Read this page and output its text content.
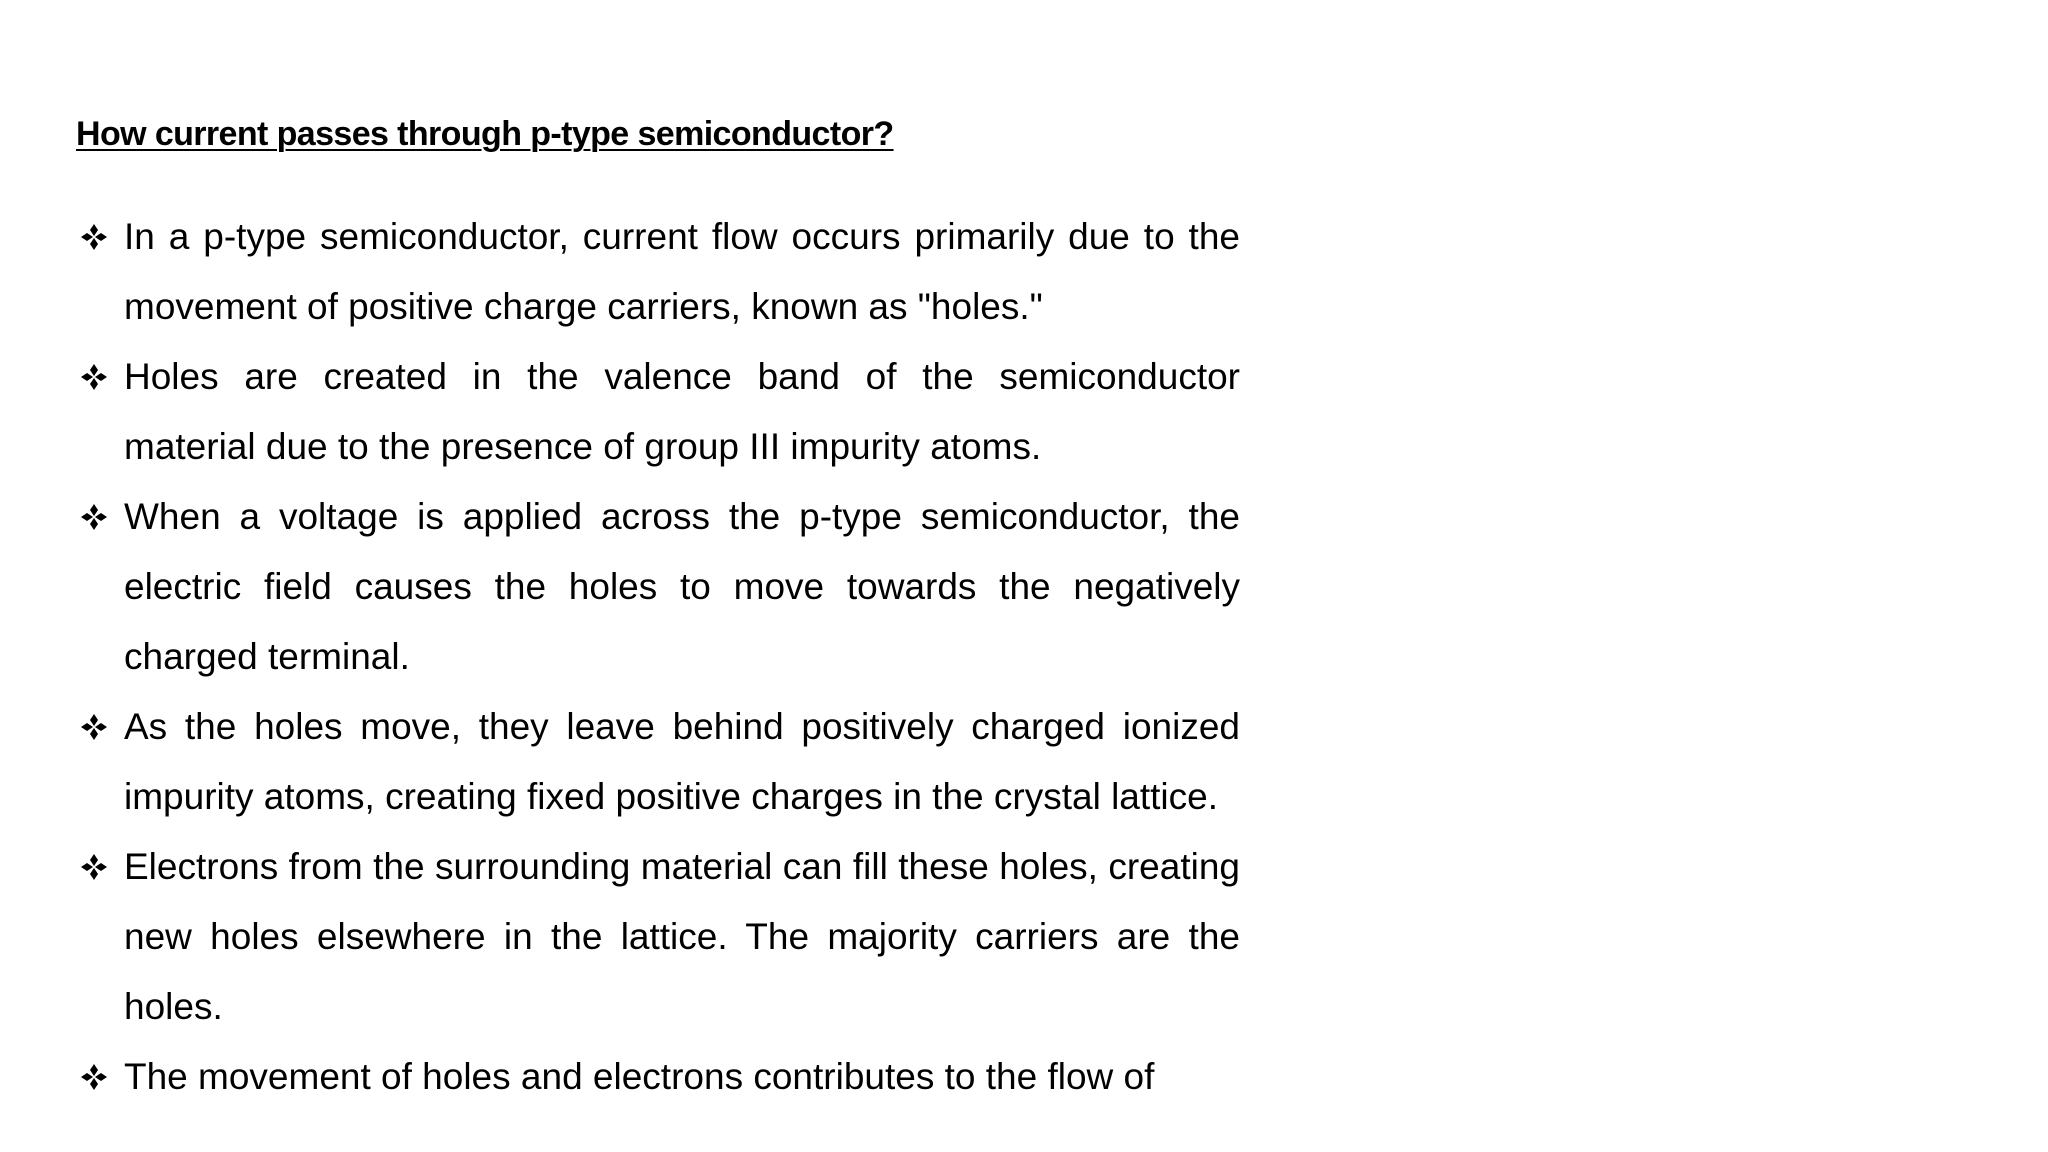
How current passes through p-type semiconductor?
In a p-type semiconductor, current flow occurs primarily due to the movement of positive charge carriers, known as "holes."
Holes are created in the valence band of the semiconductor material due to the presence of group III impurity atoms.
When a voltage is applied across the p-type semiconductor, the electric field causes the holes to move towards the negatively charged terminal.
As the holes move, they leave behind positively charged ionized impurity atoms, creating fixed positive charges in the crystal lattice.
Electrons from the surrounding material can fill these holes, creating new holes elsewhere in the lattice. The majority carriers are the holes.
The movement of holes and electrons contributes to the flow of
